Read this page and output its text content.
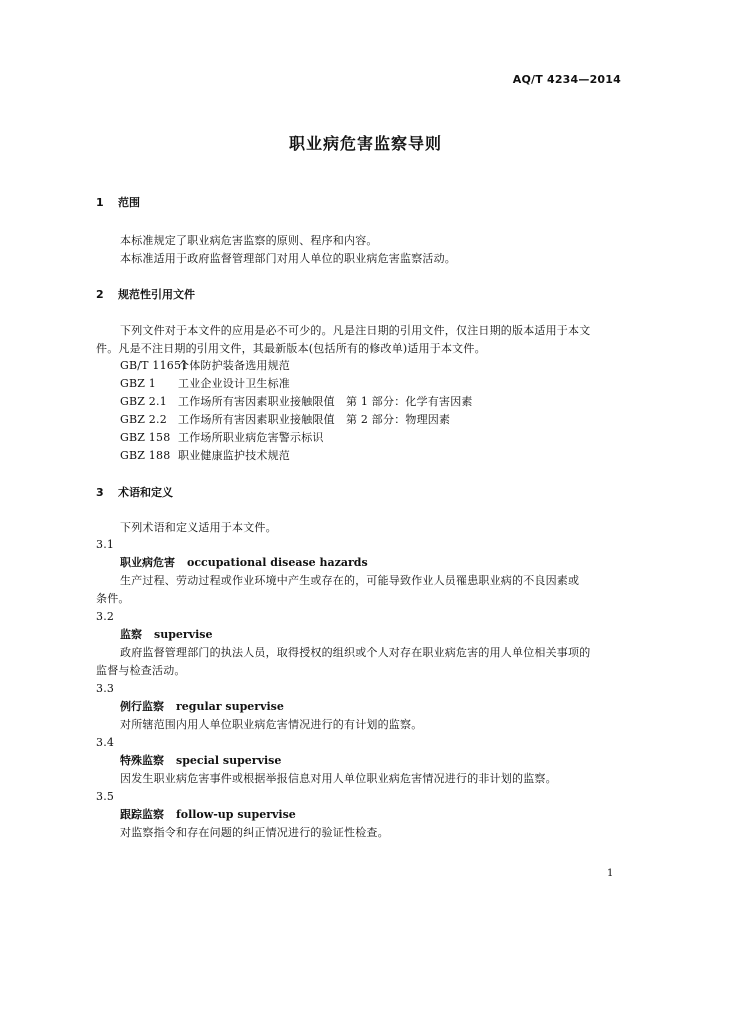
AQ/T 4234—2014
职业病危害监察导则
1 范围
本标准规定了职业病危害监察的原则、程序和内容。
本标准适用于政府监督管理部门对用人单位的职业病危害监察活动。
2 规范性引用文件
下列文件对于本文件的应用是必不可少的。凡是注日期的引用文件，仅注日期的版本适用于本文
件。凡是不注日期的引用文件，其最新版本(包括所有的修改单)适用于本文件。
GB/T 11651个体防护装备选用规范
GBZ 1 工业企业设计卫生标准
GBZ 2.1 工作场所有害因素职业接触限值　第 1 部分：化学有害因素
GBZ 2.2 工作场所有害因素职业接触限值　第 2 部分：物理因素
GBZ 158 工作场所职业病危害警示标识
GBZ 188 职业健康监护技术规范
3 术语和定义
下列术语和定义适用于本文件。
3.1
职业病危害 occupational disease hazards
生产过程、劳动过程或作业环境中产生或存在的，可能导致作业人员罹患职业病的不良因素或
条件。
3.2
监察 supervise
政府监督管理部门的执法人员，取得授权的组织或个人对存在职业病危害的用人单位相关事项的
监督与检查活动。
3.3
例行监察 regular supervise
对所辖范围内用人单位职业病危害情况进行的有计划的监察。
3.4
特殊监察 special supervise
因发生职业病危害事件或根据举报信息对用人单位职业病危害情况进行的非计划的监察。
3.5
跟踪监察 follow-up supervise
对监察指令和存在问题的纠正情况进行的验证性检查。
1
